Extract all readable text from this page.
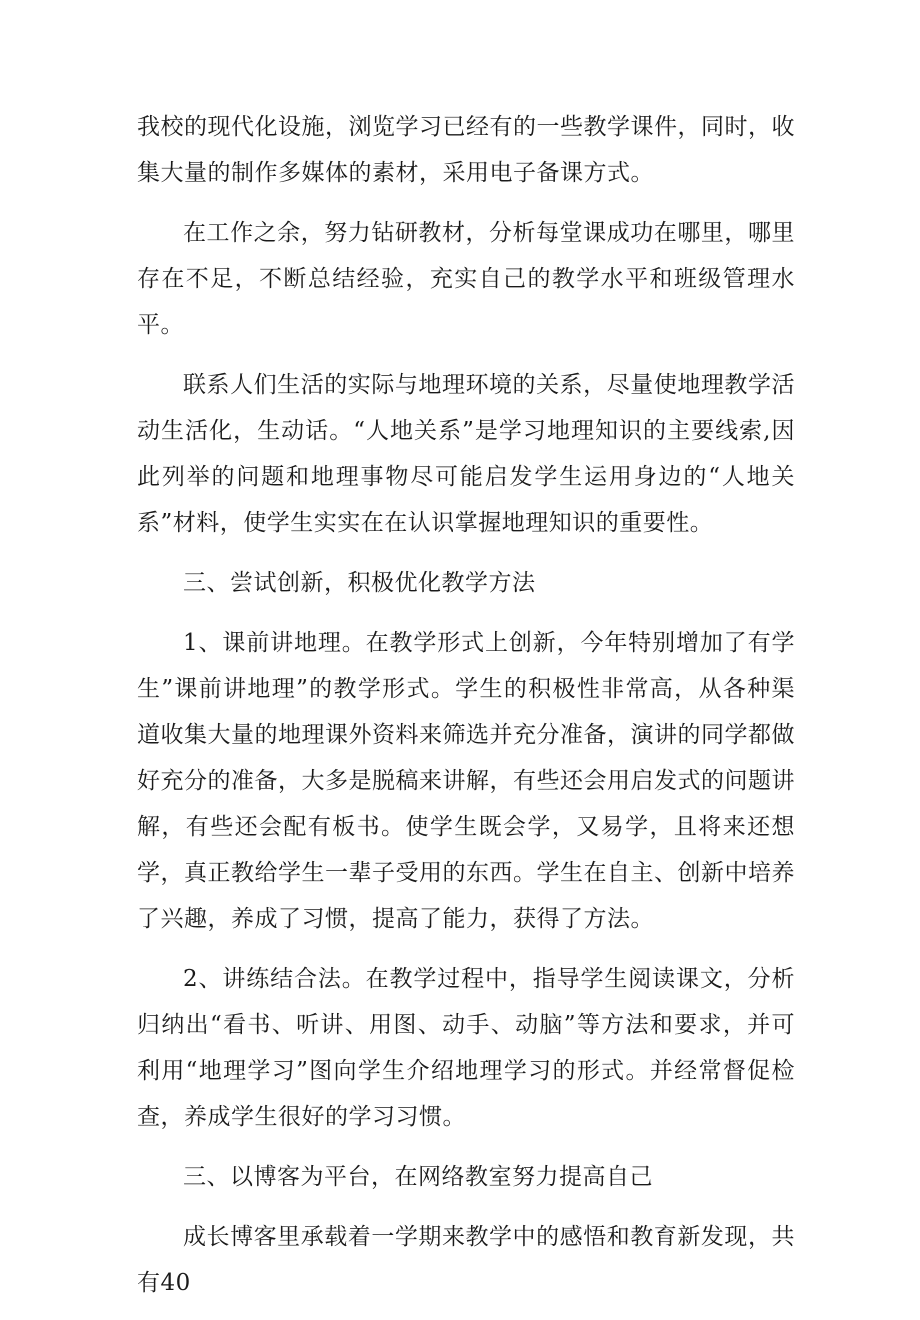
我校的现代化设施，浏览学习已经有的一些教学课件，同时，收集大量的制作多媒体的素材，采用电子备课方式。

在工作之余，努力钻研教材，分析每堂课成功在哪里，哪里存在不足，不断总结经验，充实自己的教学水平和班级管理水平。

联系人们生活的实际与地理环境的关系，尽量使地理教学活动生活化，生动话。“人地关系”是学习地理知识的主要线索,因此列举的问题和地理事物尽可能启发学生运用身边的“人地关系”材料，使学生实实在在认识掌握地理知识的重要性。

三、尝试创新，积极优化教学方法

1、课前讲地理。在教学形式上创新，今年特别增加了有学生”课前讲地理”的教学形式。学生的积极性非常高，从各种渠道收集大量的地理课外资料来筛选并充分准备，演讲的同学都做好充分的准备，大多是脱稿来讲解，有些还会用启发式的问题讲解，有些还会配有板书。使学生既会学，又易学，且将来还想学，真正教给学生一辈子受用的东西。学生在自主、创新中培养了兴趣，养成了习惯，提高了能力，获得了方法。

2、讲练结合法。在教学过程中，指导学生阅读课文，分析归纳出“看书、听讲、用图、动手、动脑”等方法和要求，并可利用“地理学习”图向学生介绍地理学习的形式。并经常督促检查，养成学生很好的学习习惯。

三、以博客为平台，在网络教室努力提高自己

成长博客里承载着一学期来教学中的感悟和教育新发现，共有40
